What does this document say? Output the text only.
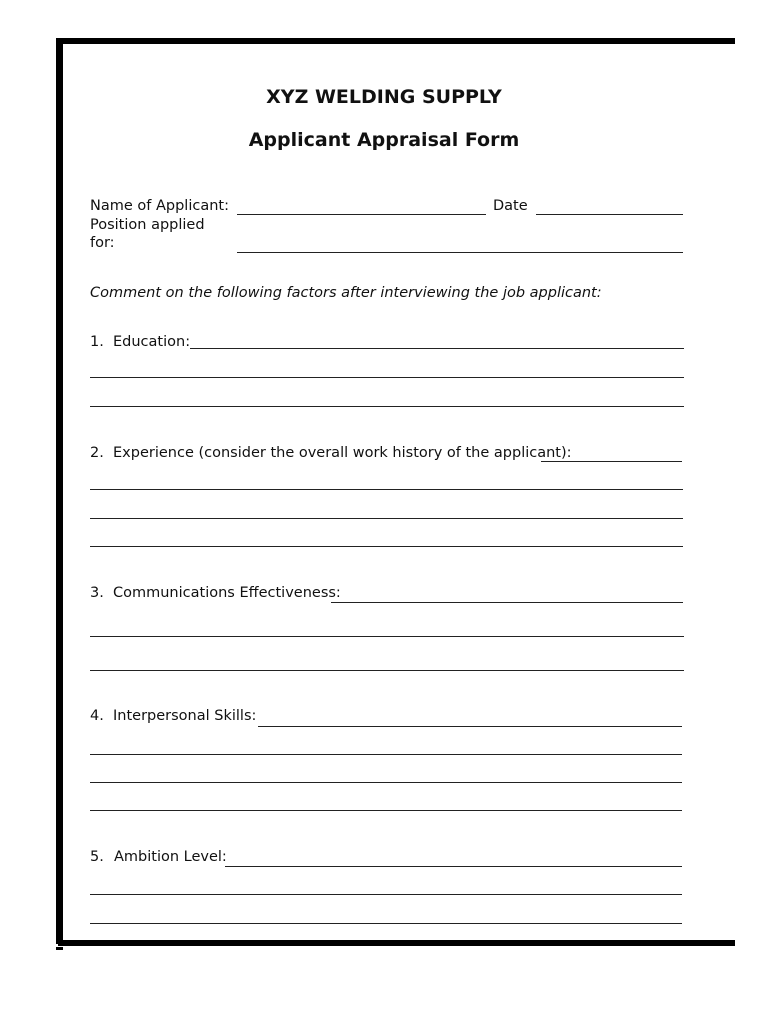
XYZ WELDING SUPPLY
Applicant Appraisal Form
Name of Applicant:	Date
Position applied
for:
Comment on the following factors after interviewing the job applicant:
1. Education:
2. Experience (consider the overall work history of the applicant):
3. Communications Effectiveness:
4. Interpersonal Skills:
5. Ambition Level:
